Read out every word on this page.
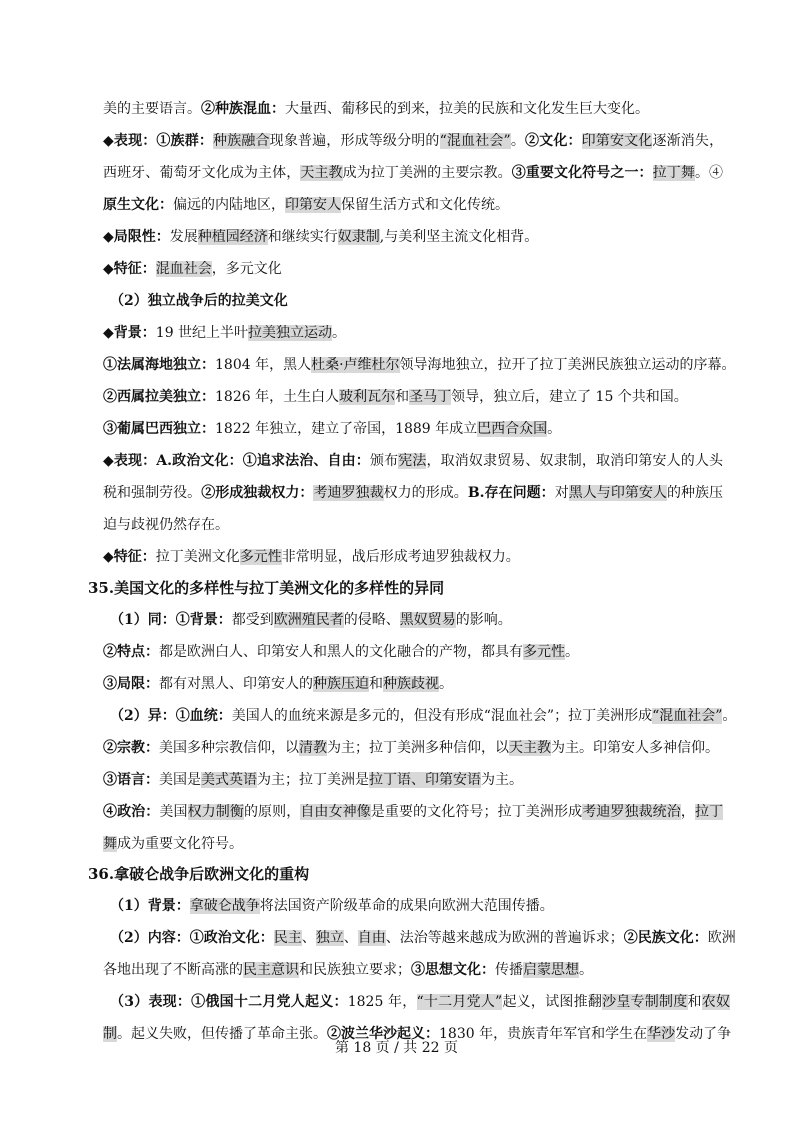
美的主要语言。②种族混血：大量西、葡移民的到来，拉美的民族和文化发生巨大变化。
◆表现：①族群：种族融合现象普遍，形成等级分明的“混血社会”。②文化：印第安文化逐渐消失，
西班牙、葡萄牙文化成为主体，天主教成为拉丁美洲的主要宗教。③重要文化符号之一：拉丁舞。④
原生文化：偏远的内陆地区，印第安人保留生活方式和文化传统。
◆局限性：发展种植园经济和继续实行奴隶制,与美利坚主流文化相背。
◆特征：混血社会，多元文化
（2）独立战争后的拉美文化
◆背景：19 世纪上半叶拉美独立运动。
①法属海地独立：1804 年，黑人杜桑·卢维杜尔领导海地独立，拉开了拉丁美洲民族独立运动的序幕。
②西属拉美独立：1826 年，土生白人玻利瓦尔和圣马丁领导，独立后，建立了 15 个共和国。
③葡属巴西独立：1822 年独立，建立了帝国，1889 年成立巴西合众国。
◆表现：A.政治文化：①追求法治、自由：颁布宪法，取消奴隶贸易、奴隶制，取消印第安人的人头
税和强制劳役。②形成独裁权力：考迪罗独裁权力的形成。B.存在问题：对黑人与印第安人的种族压
迫与歧视仍然存在。
◆特征：拉丁美洲文化多元性非常明显，战后形成考迪罗独裁权力。
35.美国文化的多样性与拉丁美洲文化的多样性的异同
（1）同：①背景：都受到欧洲殖民者的侵略、黑奴贸易的影响。
②特点：都是欧洲白人、印第安人和黑人的文化融合的产物，都具有多元性。
③局限：都有对黑人、印第安人的种族压迫和种族歧视。
（2）异：①血统：美国人的血统来源是多元的，但没有形成“混血社会”；拉丁美洲形成“混血社会”。
②宗教：美国多种宗教信仰，以清教为主；拉丁美洲多种信仰，以天主教为主。印第安人多神信仰。
③语言：美国是美式英语为主；拉丁美洲是拉丁语、印第安语为主。
④政治：美国权力制衡的原则，自由女神像是重要的文化符号；拉丁美洲形成考迪罗独裁统治，拉丁
舞成为重要文化符号。
36.拿破仑战争后欧洲文化的重构
（1）背景：拿破仑战争将法国资产阶级革命的成果向欧洲大范围传播。
（2）内容：①政治文化：民主、独立、自由、法治等越来越成为欧洲的普遍诉求；②民族文化：欧洲
各地出现了不断高涨的民主意识和民族独立要求；③思想文化：传播启蒙思想。
（3）表现：①俄国十二月党人起义：1825 年，“十二月党人”起义，试图推翻沙皇专制制度和农奴
制。起义失败，但传播了革命主张。②波兰华沙起义：1830 年，贵族青年军官和学生在华沙发动了争
第 18 页 / 共 22 页
